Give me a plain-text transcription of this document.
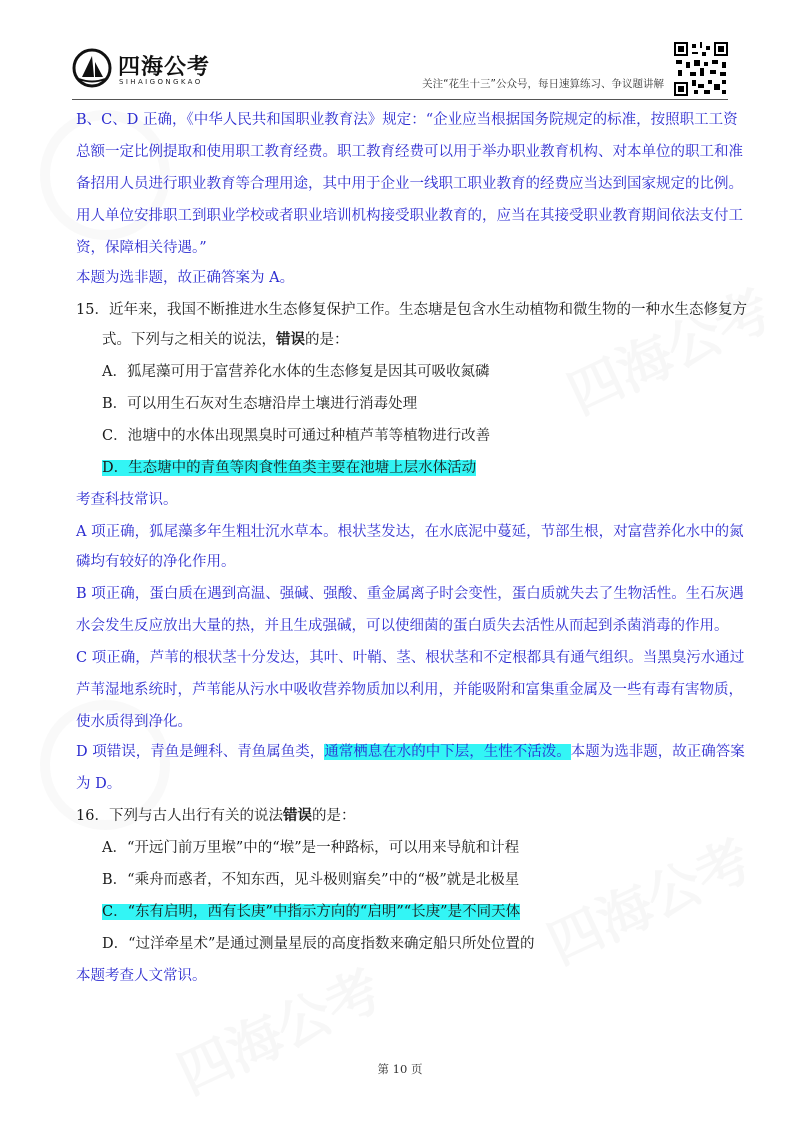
四海公考
四海公考
四海公考
四海公考
SIHAIGONGKAO	关注“花生十三”公众号，每日速算练习、争议题讲解
B、C、D 正确，《中华人民共和国职业教育法》规定：“企业应当根据国务院规定的标准，按照职工工资
总额一定比例提取和使用职工教育经费。职工教育经费可以用于举办职业教育机构、对本单位的职工和准
备招用人员进行职业教育等合理用途，其中用于企业一线职工职业教育的经费应当达到国家规定的比例。
用人单位安排职工到职业学校或者职业培训机构接受职业教育的，应当在其接受职业教育期间依法支付工
资，保障相关待遇。”
本题为选非题，故正确答案为 A。
15．近年来，我国不断推进水生态修复保护工作。生态塘是包含水生动植物和微生物的一种水生态修复方
式。下列与之相关的说法，错误的是：
A．狐尾藻可用于富营养化水体的生态修复是因其可吸收氮磷
B．可以用生石灰对生态塘沿岸土壤进行消毒处理
C．池塘中的水体出现黑臭时可通过种植芦苇等植物进行改善
D．生态塘中的青鱼等肉食性鱼类主要在池塘上层水体活动
考查科技常识。
A 项正确，狐尾藻多年生粗壮沉水草本。根状茎发达，在水底泥中蔓延，节部生根，对富营养化水中的氮
磷均有较好的净化作用。
B 项正确，蛋白质在遇到高温、强碱、强酸、重金属离子时会变性，蛋白质就失去了生物活性。生石灰遇
水会发生反应放出大量的热，并且生成强碱，可以使细菌的蛋白质失去活性从而起到杀菌消毒的作用。
C 项正确，芦苇的根状茎十分发达，其叶、叶鞘、茎、根状茎和不定根都具有通气组织。当黑臭污水通过
芦苇湿地系统时，芦苇能从污水中吸收营养物质加以利用，并能吸附和富集重金属及一些有毒有害物质，
使水质得到净化。
D 项错误，青鱼是鲤科、青鱼属鱼类，通常栖息在水的中下层，生性不活泼。本题为选非题，故正确答案
为 D。
16．下列与古人出行有关的说法错误的是：
A．“开远门前万里堠”中的“堠”是一种路标，可以用来导航和计程
B．“乘舟而惑者，不知东西，见斗极则寤矣”中的“极”就是北极星
C．“东有启明，西有长庚”中指示方向的“启明”“长庚”是不同天体
D．“过洋牵星术”是通过测量星辰的高度指数来确定船只所处位置的
本题考查人文常识。
第 10 页
